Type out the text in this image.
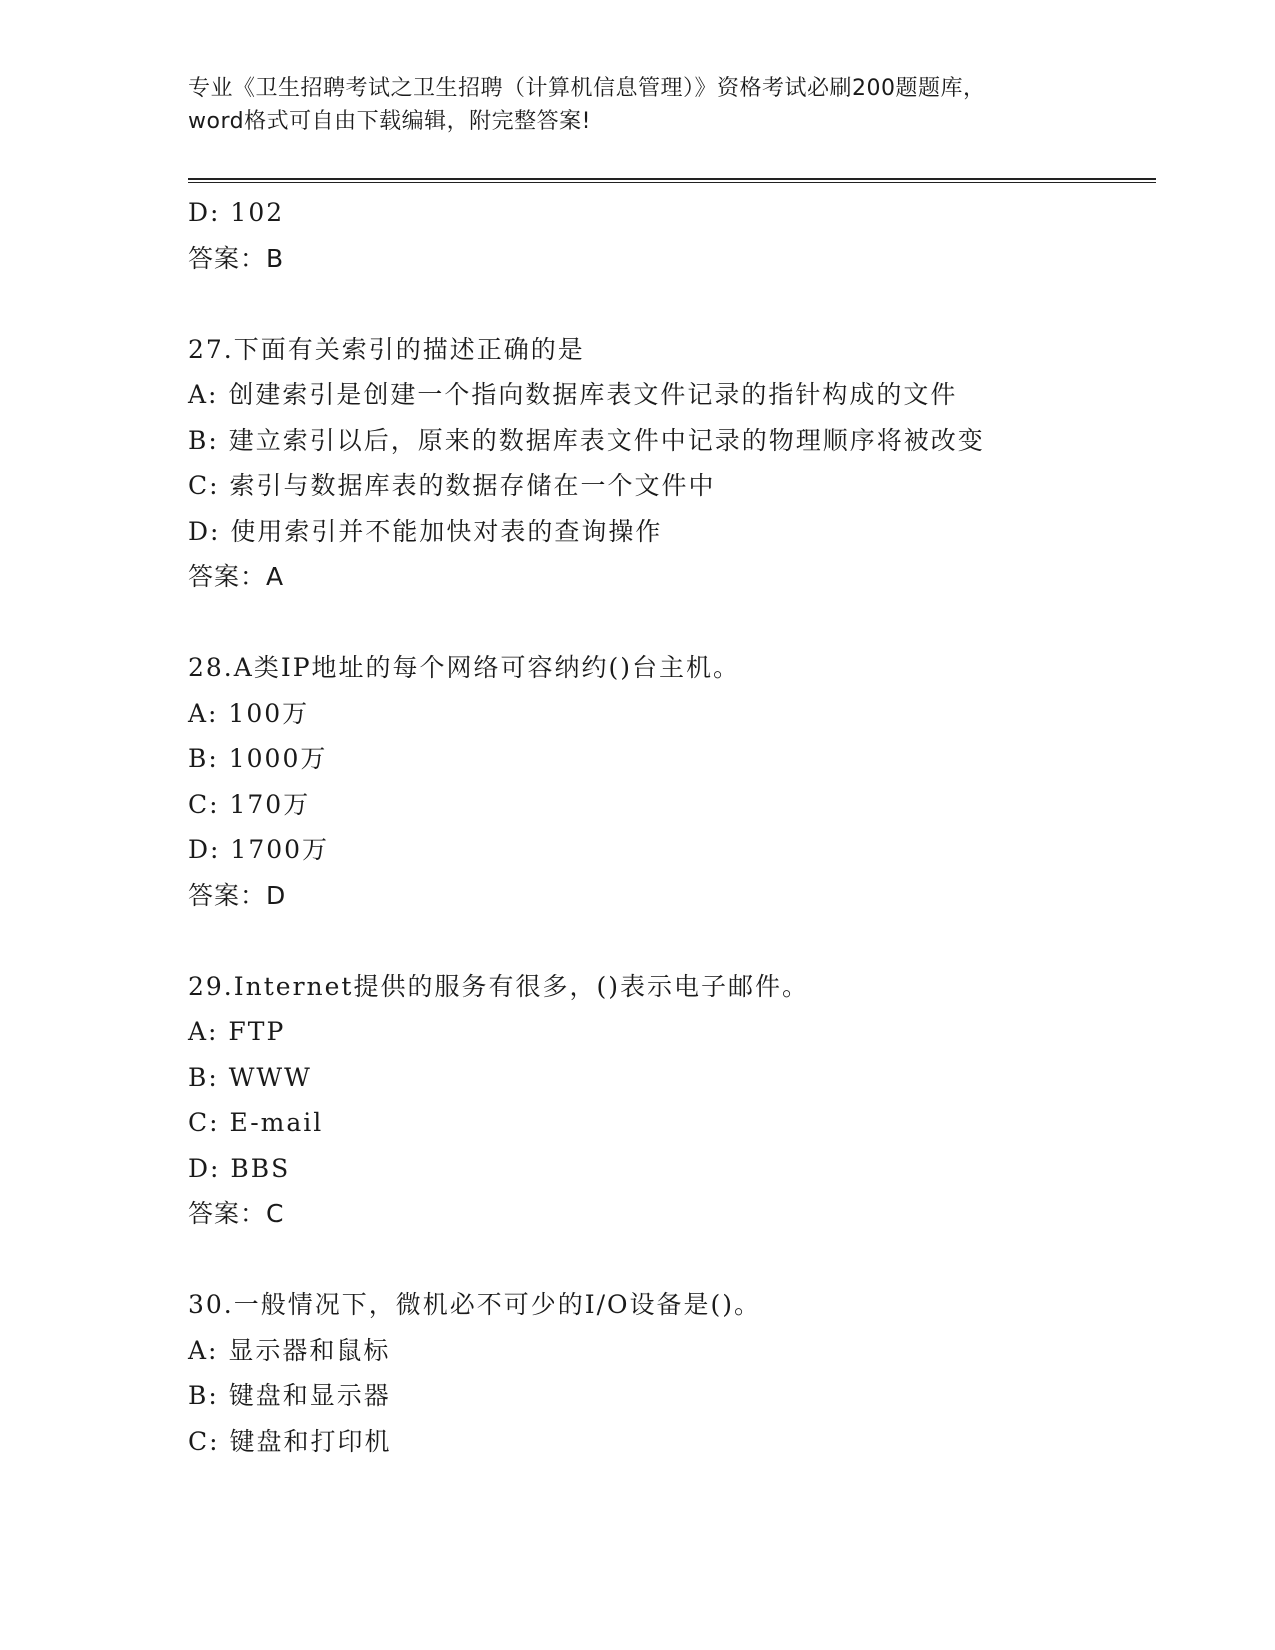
专业《卫生招聘考试之卫生招聘（计算机信息管理）》资格考试必刷200题题库，
word格式可自由下载编辑，附完整答案!
D: 102
答案：B
27.下面有关索引的描述正确的是
A: 创建索引是创建一个指向数据库表文件记录的指针构成的文件
B: 建立索引以后，原来的数据库表文件中记录的物理顺序将被改变
C: 索引与数据库表的数据存储在一个文件中
D: 使用索引并不能加快对表的查询操作
答案：A
28.A类IP地址的每个网络可容纳约()台主机。
A: 100万
B: 1000万
C: 170万
D: 1700万
答案：D
29.Internet提供的服务有很多，()表示电子邮件。
A: FTP
B: WWW
C: E-mail
D: BBS
答案：C
30.一般情况下，微机必不可少的I/O设备是()。
A: 显示器和鼠标
B: 键盘和显示器
C: 键盘和打印机
